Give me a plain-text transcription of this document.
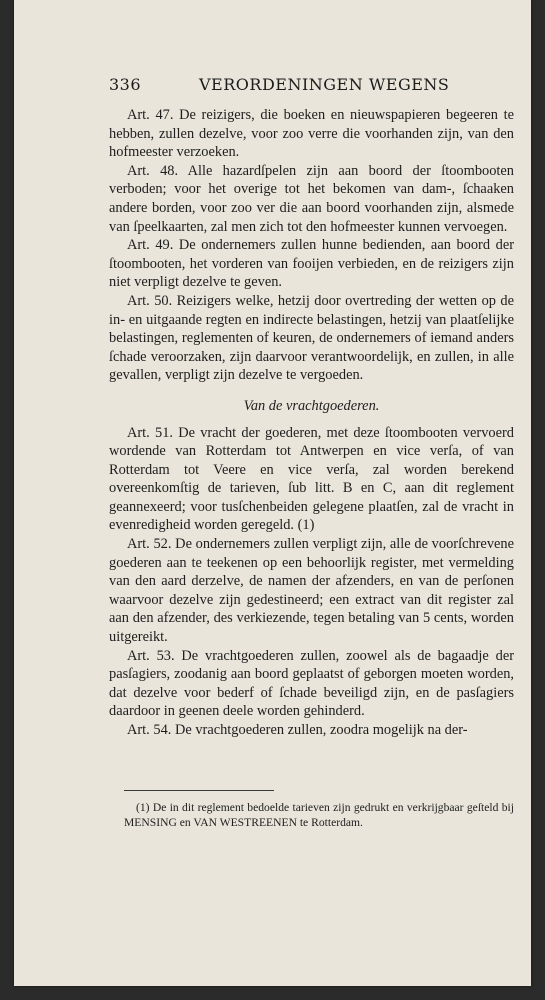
336	VERORDENINGEN WEGENS

Art. 47. De reizigers, die boeken en nieuwspapieren begeeren te hebben, zullen dezelve, voor zoo verre die voorhanden zijn, van den hofmeester verzoeken.

Art. 48. Alle hazardſpelen zijn aan boord der ſtoombooten verboden; voor het overige tot het bekomen van dam-, ſchaaken andere borden, voor zoo ver die aan boord voorhanden zijn, alsmede van ſpeelkaarten, zal men zich tot den hofmeester kunnen vervoegen.

Art. 49. De ondernemers zullen hunne bedienden, aan boord der ſtoombooten, het vorderen van fooijen verbieden, en de reizigers zijn niet verpligt dezelve te geven.

Art. 50. Reizigers welke, hetzij door overtreding der wetten op de in- en uitgaande regten en indirecte belastingen, hetzij van plaatſelijke belastingen, reglementen of keuren, de ondernemers of iemand anders ſchade veroorzaken, zijn daarvoor verantwoordelijk, en zullen, in alle gevallen, verpligt zijn dezelve te vergoeden.

Van de vrachtgoederen.

Art. 51. De vracht der goederen, met deze ſtoombooten vervoerd wordende van Rotterdam tot Antwerpen en vice verſa, of van Rotterdam tot Veere en vice verſa, zal worden berekend overeenkomſtig de tarieven, ſub litt. B en C, aan dit reglement geannexeerd; voor tusſchenbeiden gelegene plaatſen, zal de vracht in evenredigheid worden geregeld. (1)

Art. 52. De ondernemers zullen verpligt zijn, alle de voorſchrevene goederen aan te teekenen op een behoorlijk register, met vermelding van den aard derzelve, de namen der afzenders, en van de perſonen waarvoor dezelve zijn gedestineerd; een extract van dit register zal aan den afzender, des verkiezende, tegen betaling van 5 cents, worden uitgereikt.

Art. 53. De vrachtgoederen zullen, zoowel als de bagaadje der pasſagiers, zoodanig aan boord geplaatst of geborgen moeten worden, dat dezelve voor bederf of ſchade beveiligd zijn, en de pasſagiers daardoor in geenen deele worden gehinderd.

Art. 54. De vrachtgoederen zullen, zoodra mogelijk na der-

(1) De in dit reglement bedoelde tarieven zijn gedrukt en verkrijgbaar geſteld bij MENSING en VAN WESTREENEN te Rotterdam.
